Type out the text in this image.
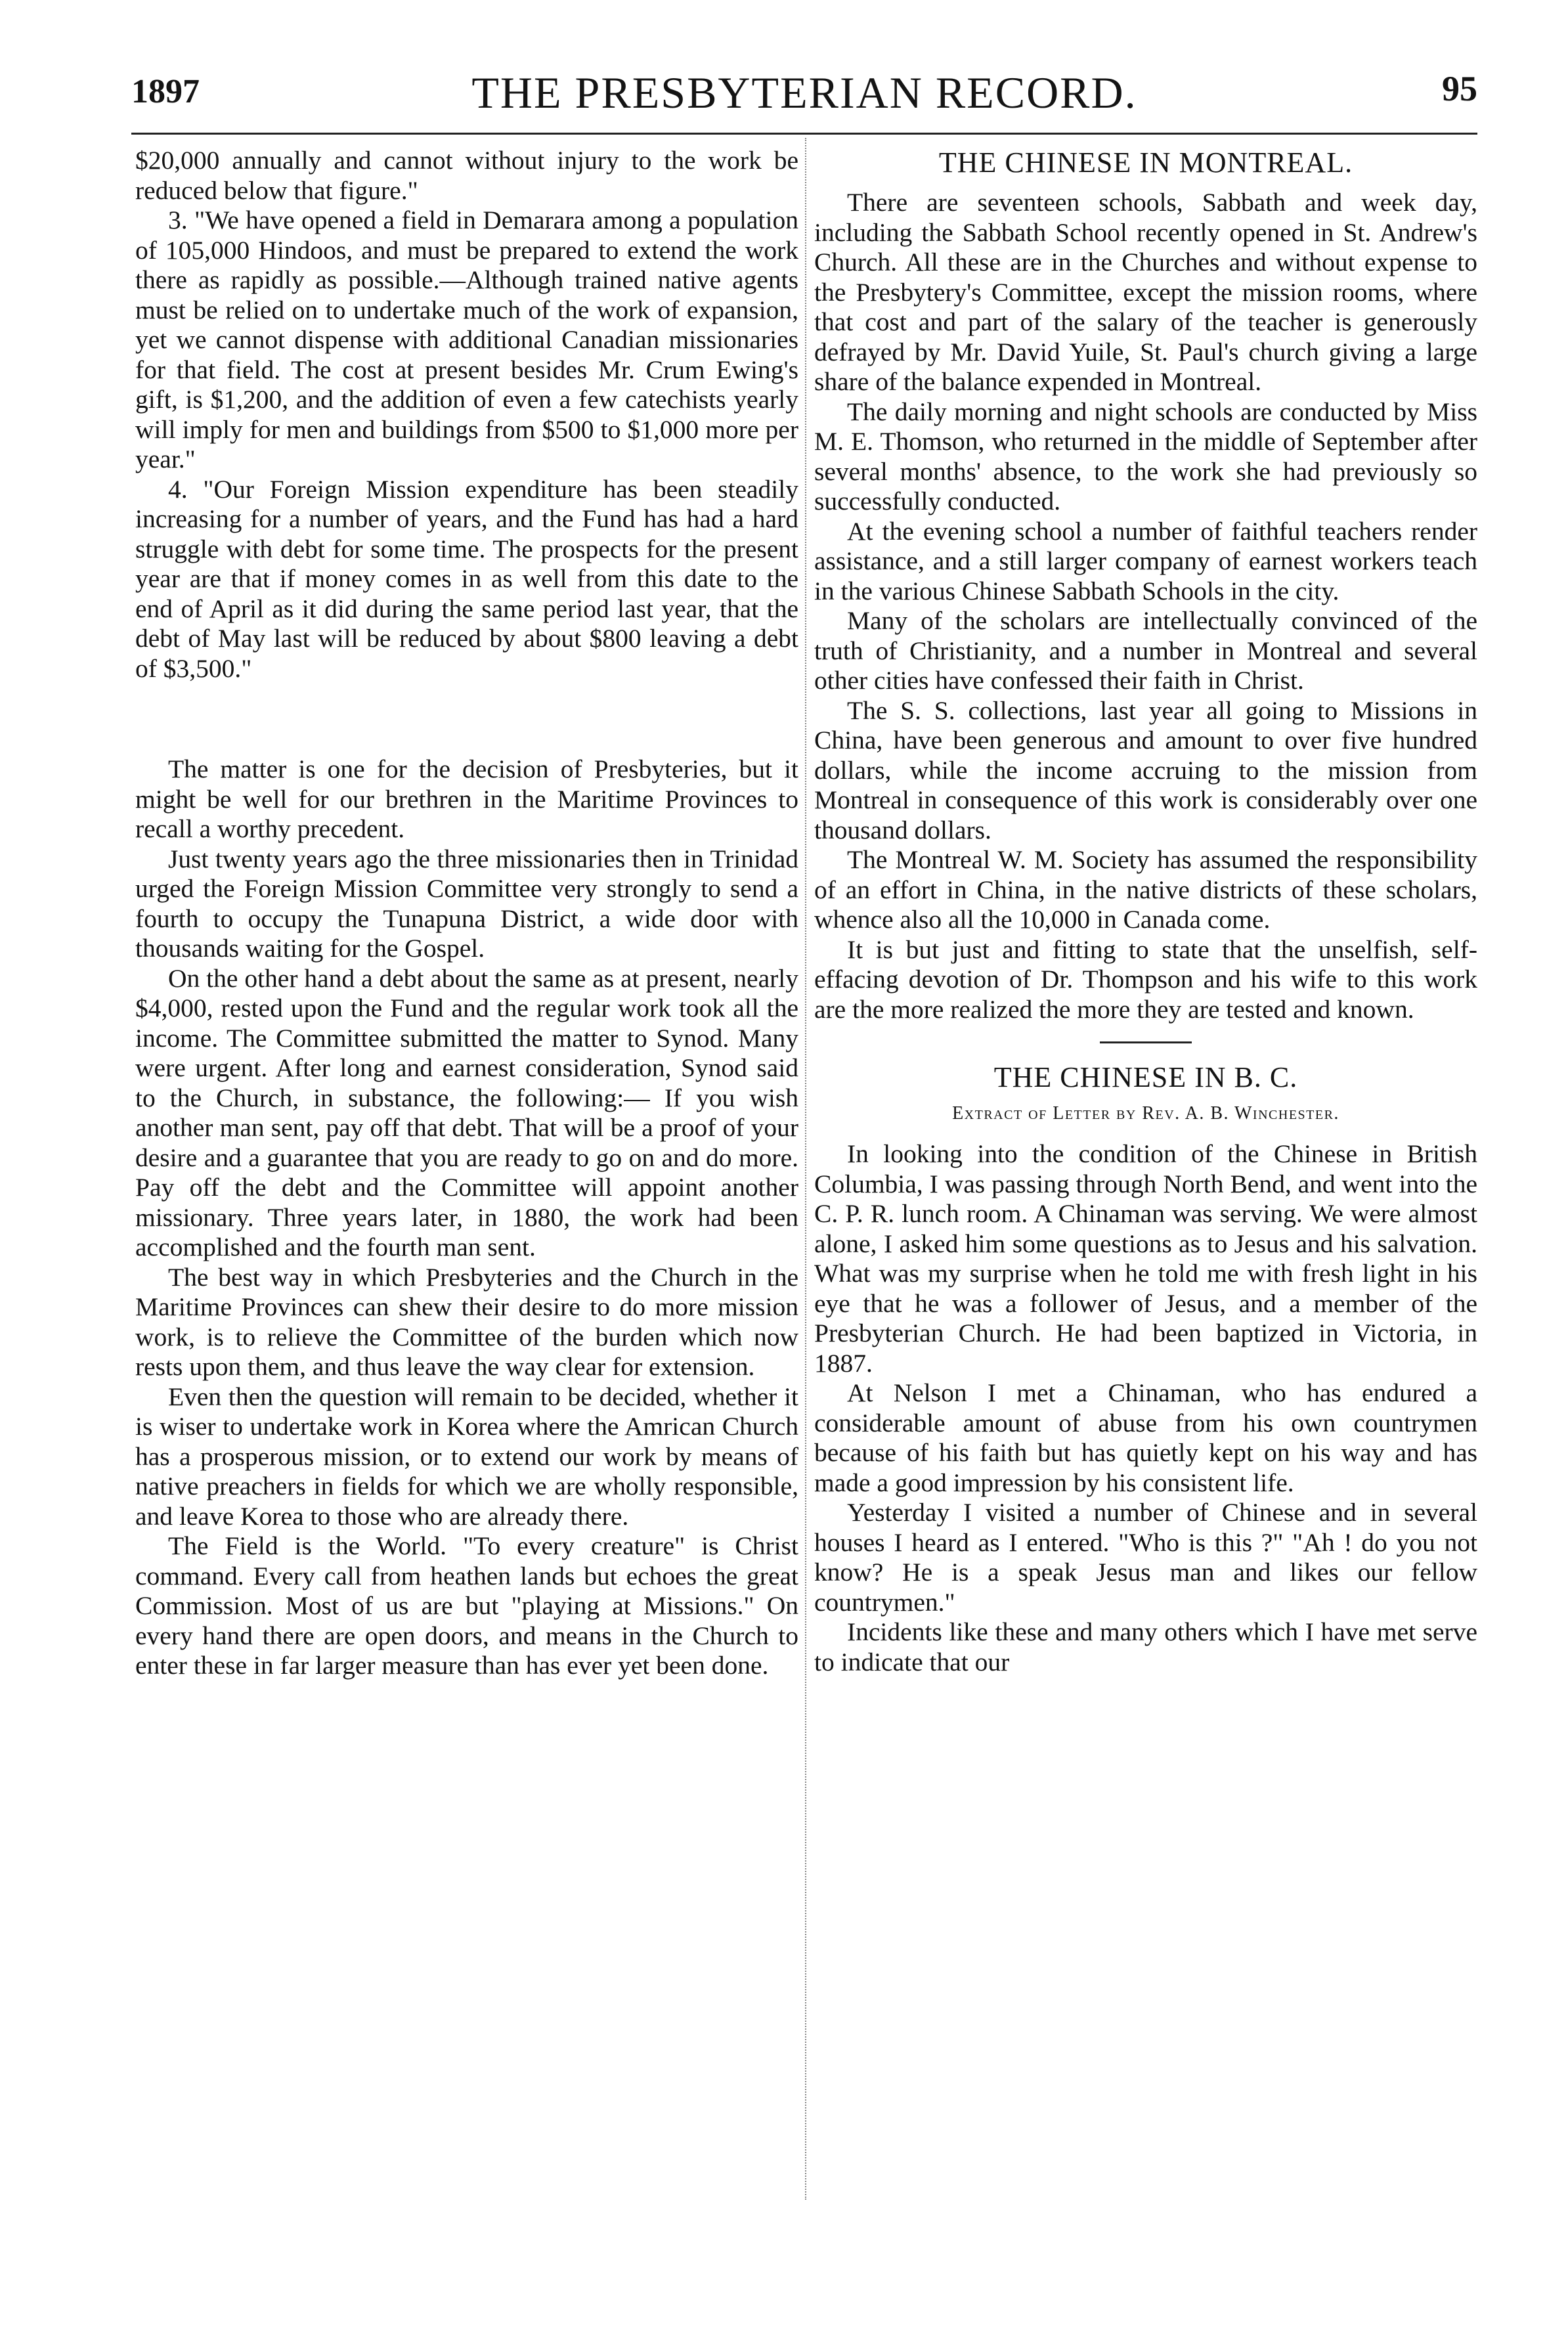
1897	THE PRESBYTERIAN RECORD.	95

$20,000 annually and cannot without injury to the work be reduced below that figure."

3. "We have opened a field in Demarara among a population of 105,000 Hindoos, and must be prepared to extend the work there as rapidly as possible.—Although trained native agents must be relied on to undertake much of the work of expansion, yet we cannot dispense with additional Canadian missionaries for that field. The cost at present besides Mr. Crum Ewing's gift, is $1,200, and the addition of even a few catechists yearly will imply for men and buildings from $500 to $1,000 more per year."

4. "Our Foreign Mission expenditure has been steadily increasing for a number of years, and the Fund has had a hard struggle with debt for some time. The prospects for the present year are that if money comes in as well from this date to the end of April as it did during the same period last year, that the debt of May last will be reduced by about $800 leaving a debt of $3,500."

The matter is one for the decision of Presbyteries, but it might be well for our brethren in the Maritime Provinces to recall a worthy precedent.

Just twenty years ago the three missionaries then in Trinidad urged the Foreign Mission Committee very strongly to send a fourth to occupy the Tunapuna District, a wide door with thousands waiting for the Gospel.

On the other hand a debt about the same as at present, nearly $4,000, rested upon the Fund and the regular work took all the income. The Committee submitted the matter to Synod. Many were urgent. After long and earnest consideration, Synod said to the Church, in substance, the following:— If you wish another man sent, pay off that debt. That will be a proof of your desire and a guarantee that you are ready to go on and do more. Pay off the debt and the Committee will appoint another missionary. Three years later, in 1880, the work had been accomplished and the fourth man sent.

The best way in which Presbyteries and the Church in the Maritime Provinces can shew their desire to do more mission work, is to relieve the Committee of the burden which now rests upon them, and thus leave the way clear for extension.

Even then the question will remain to be decided, whether it is wiser to undertake work in Korea where the Amrican Church has a prosperous mission, or to extend our work by means of native preachers in fields for which we are wholly responsible, and leave Korea to those who are already there.

The Field is the World. "To every creature" is Christ command. Every call from heathen lands but echoes the great Commission. Most of us are but "playing at Missions." On every hand there are open doors, and means in the Church to enter these in far larger measure than has ever yet been done.

THE CHINESE IN MONTREAL.

There are seventeen schools, Sabbath and week day, including the Sabbath School recently opened in St. Andrew's Church. All these are in the Churches and without expense to the Presbytery's Committee, except the mission rooms, where that cost and part of the salary of the teacher is generously defrayed by Mr. David Yuile, St. Paul's church giving a large share of the balance expended in Montreal.

The daily morning and night schools are conducted by Miss M. E. Thomson, who returned in the middle of September after several months' absence, to the work she had previously so successfully conducted.

At the evening school a number of faithful teachers render assistance, and a still larger company of earnest workers teach in the various Chinese Sabbath Schools in the city.

Many of the scholars are intellectually convinced of the truth of Christianity, and a number in Montreal and several other cities have confessed their faith in Christ.

The S. S. collections, last year all going to Missions in China, have been generous and amount to over five hundred dollars, while the income accruing to the mission from Montreal in consequence of this work is considerably over one thousand dollars.

The Montreal W. M. Society has assumed the responsibility of an effort in China, in the native districts of these scholars, whence also all the 10,000 in Canada come.

It is but just and fitting to state that the unselfish, self-effacing devotion of Dr. Thompson and his wife to this work are the more realized the more they are tested and known.

THE CHINESE IN B. C.
Extract of Letter by Rev. A. B. Winchester.

In looking into the condition of the Chinese in British Columbia, I was passing through North Bend, and went into the C. P. R. lunch room. A Chinaman was serving. We were almost alone, I asked him some questions as to Jesus and his salvation. What was my surprise when he told me with fresh light in his eye that he was a follower of Jesus, and a member of the Presbyterian Church. He had been baptized in Victoria, in 1887.

At Nelson I met a Chinaman, who has endured a considerable amount of abuse from his own countrymen because of his faith but has quietly kept on his way and has made a good impression by his consistent life.

Yesterday I visited a number of Chinese and in several houses I heard as I entered. "Who is this ?" "Ah ! do you not know? He is a speak Jesus man and likes our fellow countrymen."

Incidents like these and many others which I have met serve to indicate that our
